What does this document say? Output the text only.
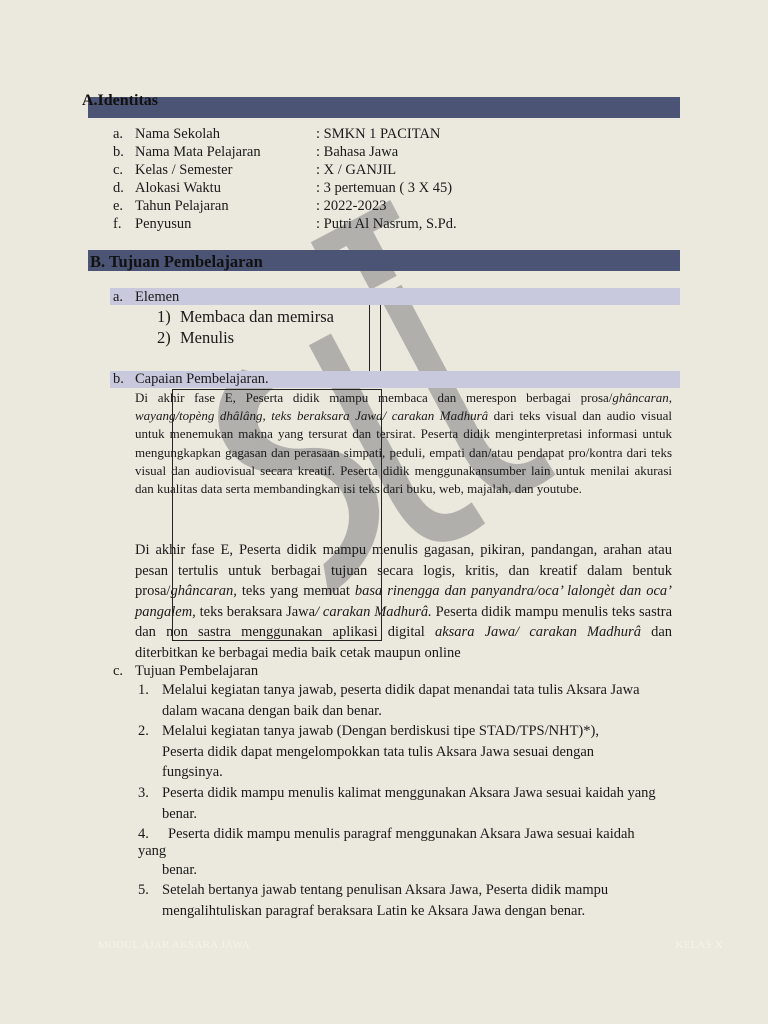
A.Identitas
a. Nama Sekolah	: SMKN 1 PACITAN
b. Nama Mata Pelajaran	: Bahasa Jawa
c. Kelas / Semester	: X / GANJIL
d. Alokasi Waktu	: 3 pertemuan ( 3 X 45)
e. Tahun Pelajaran	: 2022-2023
f. Penyusun	: Putri Al Nasrum, S.Pd.
B. Tujuan Pembelajaran
a. Elemen
1) Membaca dan memirsa
2) Menulis
b. Capaian Pembelajaran.
Di akhir fase E, Peserta didik mampu membaca dan merespon berbagai prosa/ghâncaran, wayang/topèng dhâlâng, teks beraksara Jawa/ carakan Madhurâ dari teks visual dan audio visual untuk menemukan makna yang tersurat dan tersirat. Peserta didik menginterpretasi informasi untuk mengungkapkan gagasan dan perasaan simpati, peduli, empati dan/atau pendapat pro/kontra dari teks visual dan audiovisual secara kreatif. Peserta didik menggunakansumber lain untuk menilai akurasi dan kualitas data serta membandingkan isi teks dari buku, web, majalah, dan youtube.
Di akhir fase E, Peserta didik mampu menulis gagasan, pikiran, pandangan, arahan atau pesan tertulis untuk berbagai tujuan secara logis, kritis, dan kreatif dalam bentuk prosa/ghâncaran, teks yang memuat basa rinengga dan panyandra/oca’ lalongèt dan oca’ pangalem, teks beraksara Jawa/ carakan Madhurâ. Peserta didik mampu menulis teks sastra dan non sastra menggunakan aplikasi digital aksara Jawa/ carakan Madhurâ dan diterbitkan ke berbagai media baik cetak maupun online
c. Tujuan Pembelajaran
1. Melalui kegiatan tanya jawab, peserta didik dapat menandai tata tulis Aksara Jawa dalam wacana dengan baik dan benar.
2. Melalui kegiatan tanya jawab (Dengan berdiskusi tipe STAD/TPS/NHT)*), Peserta didik dapat mengelompokkan tata tulis Aksara Jawa sesuai dengan fungsinya.
3. Peserta didik mampu menulis kalimat menggunakan Aksara Jawa sesuai kaidah yang benar.
4. Peserta didik mampu menulis paragraf menggunakan Aksara Jawa sesuai kaidah
yang
benar.
5. Setelah bertanya jawab tentang penulisan Aksara Jawa, Peserta didik mampu mengalihtuliskan paragraf beraksara Latin ke Aksara Jawa dengan benar.
MODUL AJAR AKSARA JAWA	KELAS X
